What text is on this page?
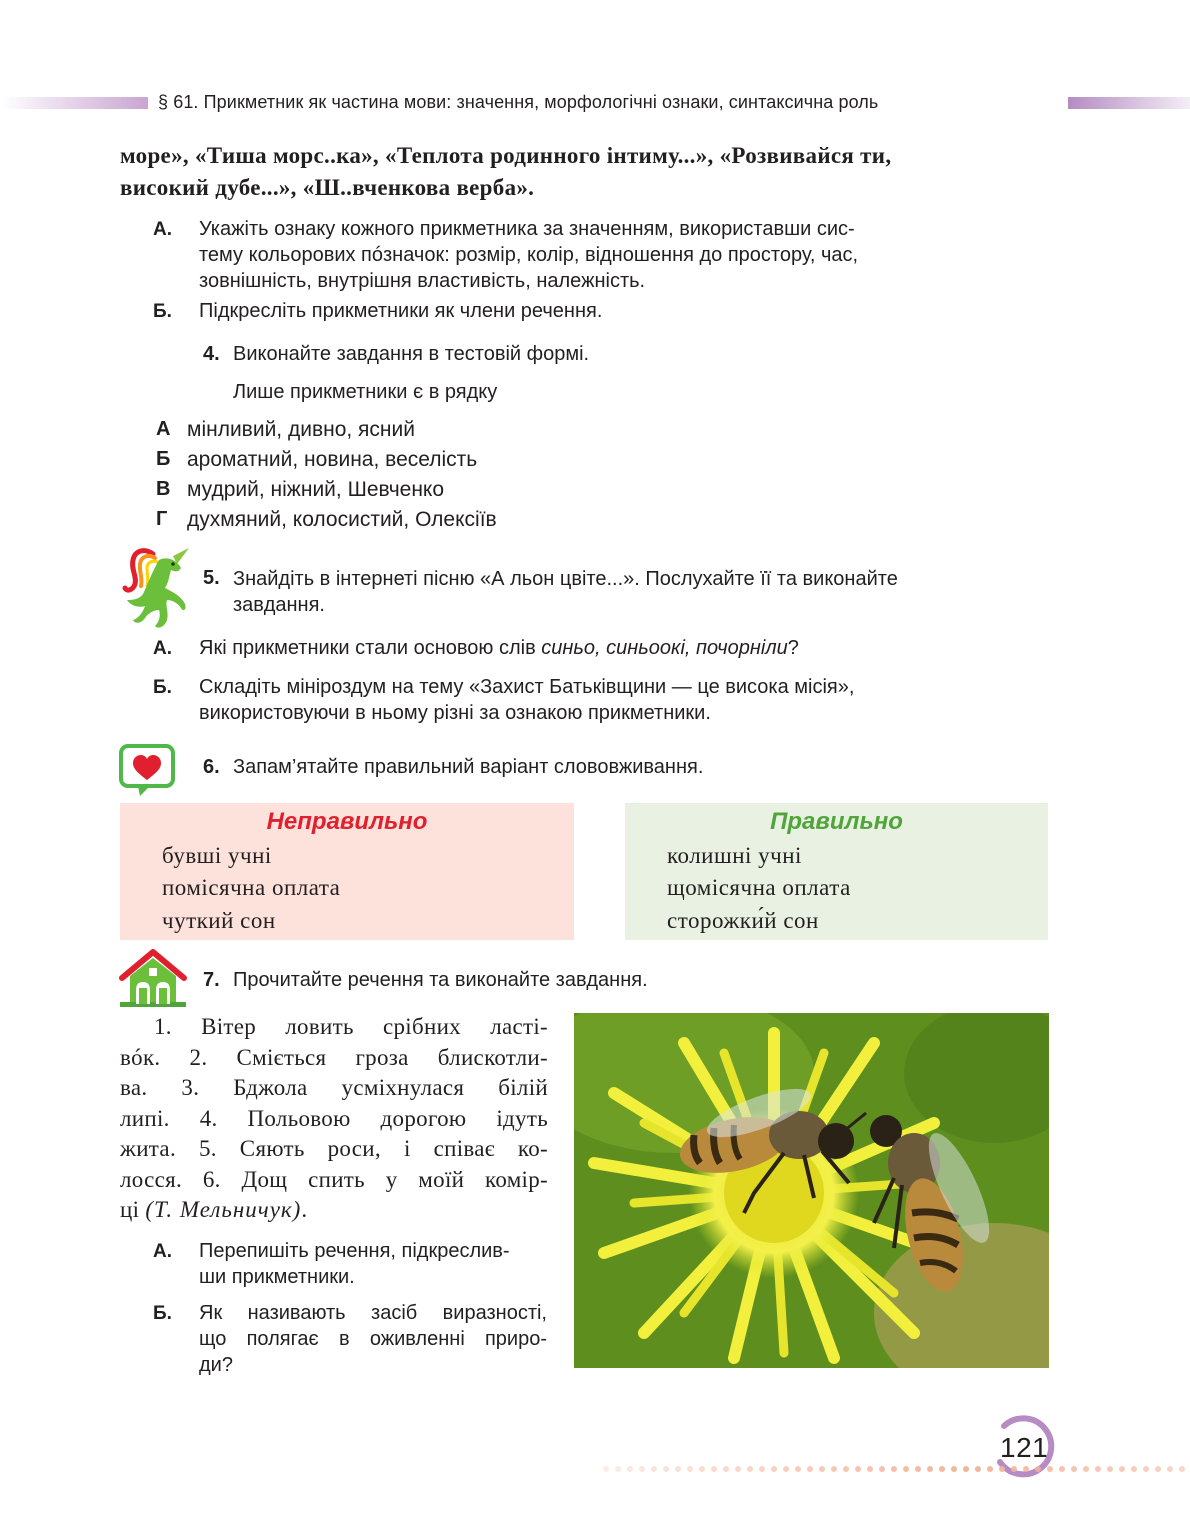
§ 61. Прикметник як частина мови: значення, морфологічні ознаки, синтаксична роль
море», «Тиша морс..ка», «Теплота родинного інтиму...», «Розвивайся ти,
високий дубе...», «Ш..вченкова верба».
А. Укажіть ознаку кожного прикметника за значенням, використавши сис-
тему кольорових пóзначок: розмір, колір, відношення до простору, час,
зовнішність, внутрішня властивість, належність.
Б. Підкресліть прикметники як члени речення.
4. Виконайте завдання в тестовій формі.
Лише прикметники є в рядку
А мінливий, дивно, ясний
Б ароматний, новина, веселість
В мудрий, ніжний, Шевченко
Г духмяний, колосистий, Олексіїв
5. Знайдіть в інтернеті пісню «А льон цвіте...». Послухайте її та виконайте
завдання.
А. Які прикметники стали основою слів синьо, синьоокі, почорніли?
Б. Складіть мініроздум на тему «Захист Батьківщини — це висока місія»,
використовуючи в ньому різні за ознакою прикметники.
6. Запам’ятайте правильний варіант слововживання.
Неправильно
бувші учні
помісячна оплата
чуткий сон
Правильно
колишні учні
щомісячна оплата
сторожки́й сон
7. Прочитайте речення та виконайте завдання.
1. Вітер ловить срібних ласті-
вóк. 2. Сміється гроза блискотли-
ва. 3. Бджола усміхнулася білій
липі. 4. Польовою дорогою ідуть
жита. 5. Сяють роси, і співає ко-
лосся. 6. Дощ спить у моїй комір-
ці (Т. Мельничук).
А. Перепишіть речення, підкреслив-
ши прикметники.
Б. Як називають засіб виразності,
що полягає в оживленні приро-
ди?
121
